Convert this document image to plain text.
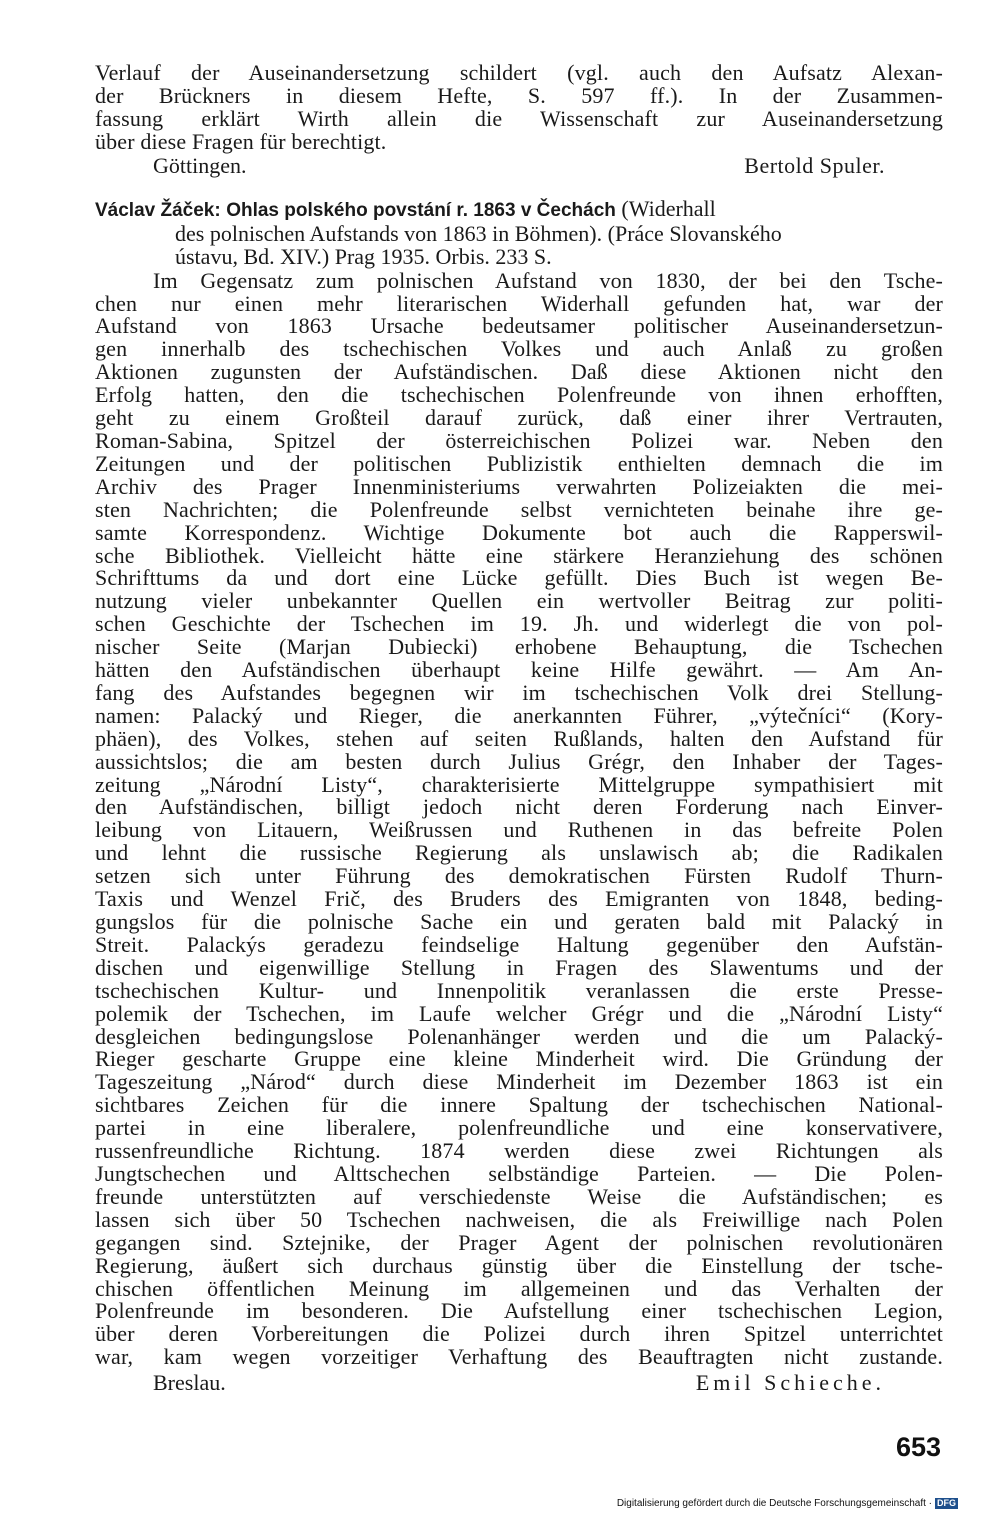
Verlauf der Auseinandersetzung schildert (vgl. auch den Aufsatz Alexan-
der Brückners in diesem Hefte, S. 597 ff.). In der Zusammen-
fassung erklärt Wirth allein die Wissenschaft zur Auseinandersetzung
über diese Fragen für berechtigt.
Göttingen.	Bertold Spuler.
Václav Žáček: Ohlas polského povstání r. 1863 v Čechách (Widerhall
des polnischen Aufstands von 1863 in Böhmen). (Práce Slovanského
ústavu, Bd. XIV.) Prag 1935. Orbis. 233 S.
Im Gegensatz zum polnischen Aufstand von 1830, der bei den Tsche-
chen nur einen mehr literarischen Widerhall gefunden hat, war der
Aufstand von 1863 Ursache bedeutsamer politischer Auseinandersetzun-
gen innerhalb des tschechischen Volkes und auch Anlaß zu großen
Aktionen zugunsten der Aufständischen. Daß diese Aktionen nicht den
Erfolg hatten, den die tschechischen Polenfreunde von ihnen erhofften,
geht zu einem Großteil darauf zurück, daß einer ihrer Vertrauten,
Roman-Sabina, Spitzel der österreichischen Polizei war. Neben den
Zeitungen und der politischen Publizistik enthielten demnach die im
Archiv des Prager Innenministeriums verwahrten Polizeiakten die mei-
sten Nachrichten; die Polenfreunde selbst vernichteten beinahe ihre ge-
samte Korrespondenz. Wichtige Dokumente bot auch die Rapperswil-
sche Bibliothek. Vielleicht hätte eine stärkere Heranziehung des schönen
Schrifttums da und dort eine Lücke gefüllt. Dies Buch ist wegen Be-
nutzung vieler unbekannter Quellen ein wertvoller Beitrag zur politi-
schen Geschichte der Tschechen im 19. Jh. und widerlegt die von pol-
nischer Seite (Marjan Dubiecki) erhobene Behauptung, die Tschechen
hätten den Aufständischen überhaupt keine Hilfe gewährt. — Am An-
fang des Aufstandes begegnen wir im tschechischen Volk drei Stellung-
namen: Palacký und Rieger, die anerkannten Führer, „výtečníci“ (Kory-
phäen), des Volkes, stehen auf seiten Rußlands, halten den Aufstand für
aussichtslos; die am besten durch Julius Grégr, den Inhaber der Tages-
zeitung „Národní Listy“, charakterisierte Mittelgruppe sympathisiert mit
den Aufständischen, billigt jedoch nicht deren Forderung nach Einver-
leibung von Litauern, Weißrussen und Ruthenen in das befreite Polen
und lehnt die russische Regierung als unslawisch ab; die Radikalen
setzen sich unter Führung des demokratischen Fürsten Rudolf Thurn-
Taxis und Wenzel Frič, des Bruders des Emigranten von 1848, beding-
gungslos für die polnische Sache ein und geraten bald mit Palacký in
Streit. Palackýs geradezu feindselige Haltung gegenüber den Aufstän-
dischen und eigenwillige Stellung in Fragen des Slawentums und der
tschechischen Kultur- und Innenpolitik veranlassen die erste Presse-
polemik der Tschechen, im Laufe welcher Grégr und die „Národní Listy“
desgleichen bedingungslose Polenanhänger werden und die um Palacký-
Rieger gescharte Gruppe eine kleine Minderheit wird. Die Gründung der
Tageszeitung „Národ“ durch diese Minderheit im Dezember 1863 ist ein
sichtbares Zeichen für die innere Spaltung der tschechischen National-
partei in eine liberalere, polenfreundliche und eine konservativere,
russenfreundliche Richtung. 1874 werden diese zwei Richtungen als
Jungtschechen und Alttschechen selbständige Parteien. — Die Polen-
freunde unterstützten auf verschiedenste Weise die Aufständischen; es
lassen sich über 50 Tschechen nachweisen, die als Freiwillige nach Polen
gegangen sind. Sztejnike, der Prager Agent der polnischen revolutionären
Regierung, äußert sich durchaus günstig über die Einstellung der tsche-
chischen öffentlichen Meinung im allgemeinen und das Verhalten der
Polenfreunde im besonderen. Die Aufstellung einer tschechischen Legion,
über deren Vorbereitungen die Polizei durch ihren Spitzel unterrichtet
war, kam wegen vorzeitiger Verhaftung des Beauftragten nicht zustande.
Breslau.	Emil Schieche.
653
Digitalisierung gefördert durch die Deutsche Forschungsgemeinschaft · DFG
